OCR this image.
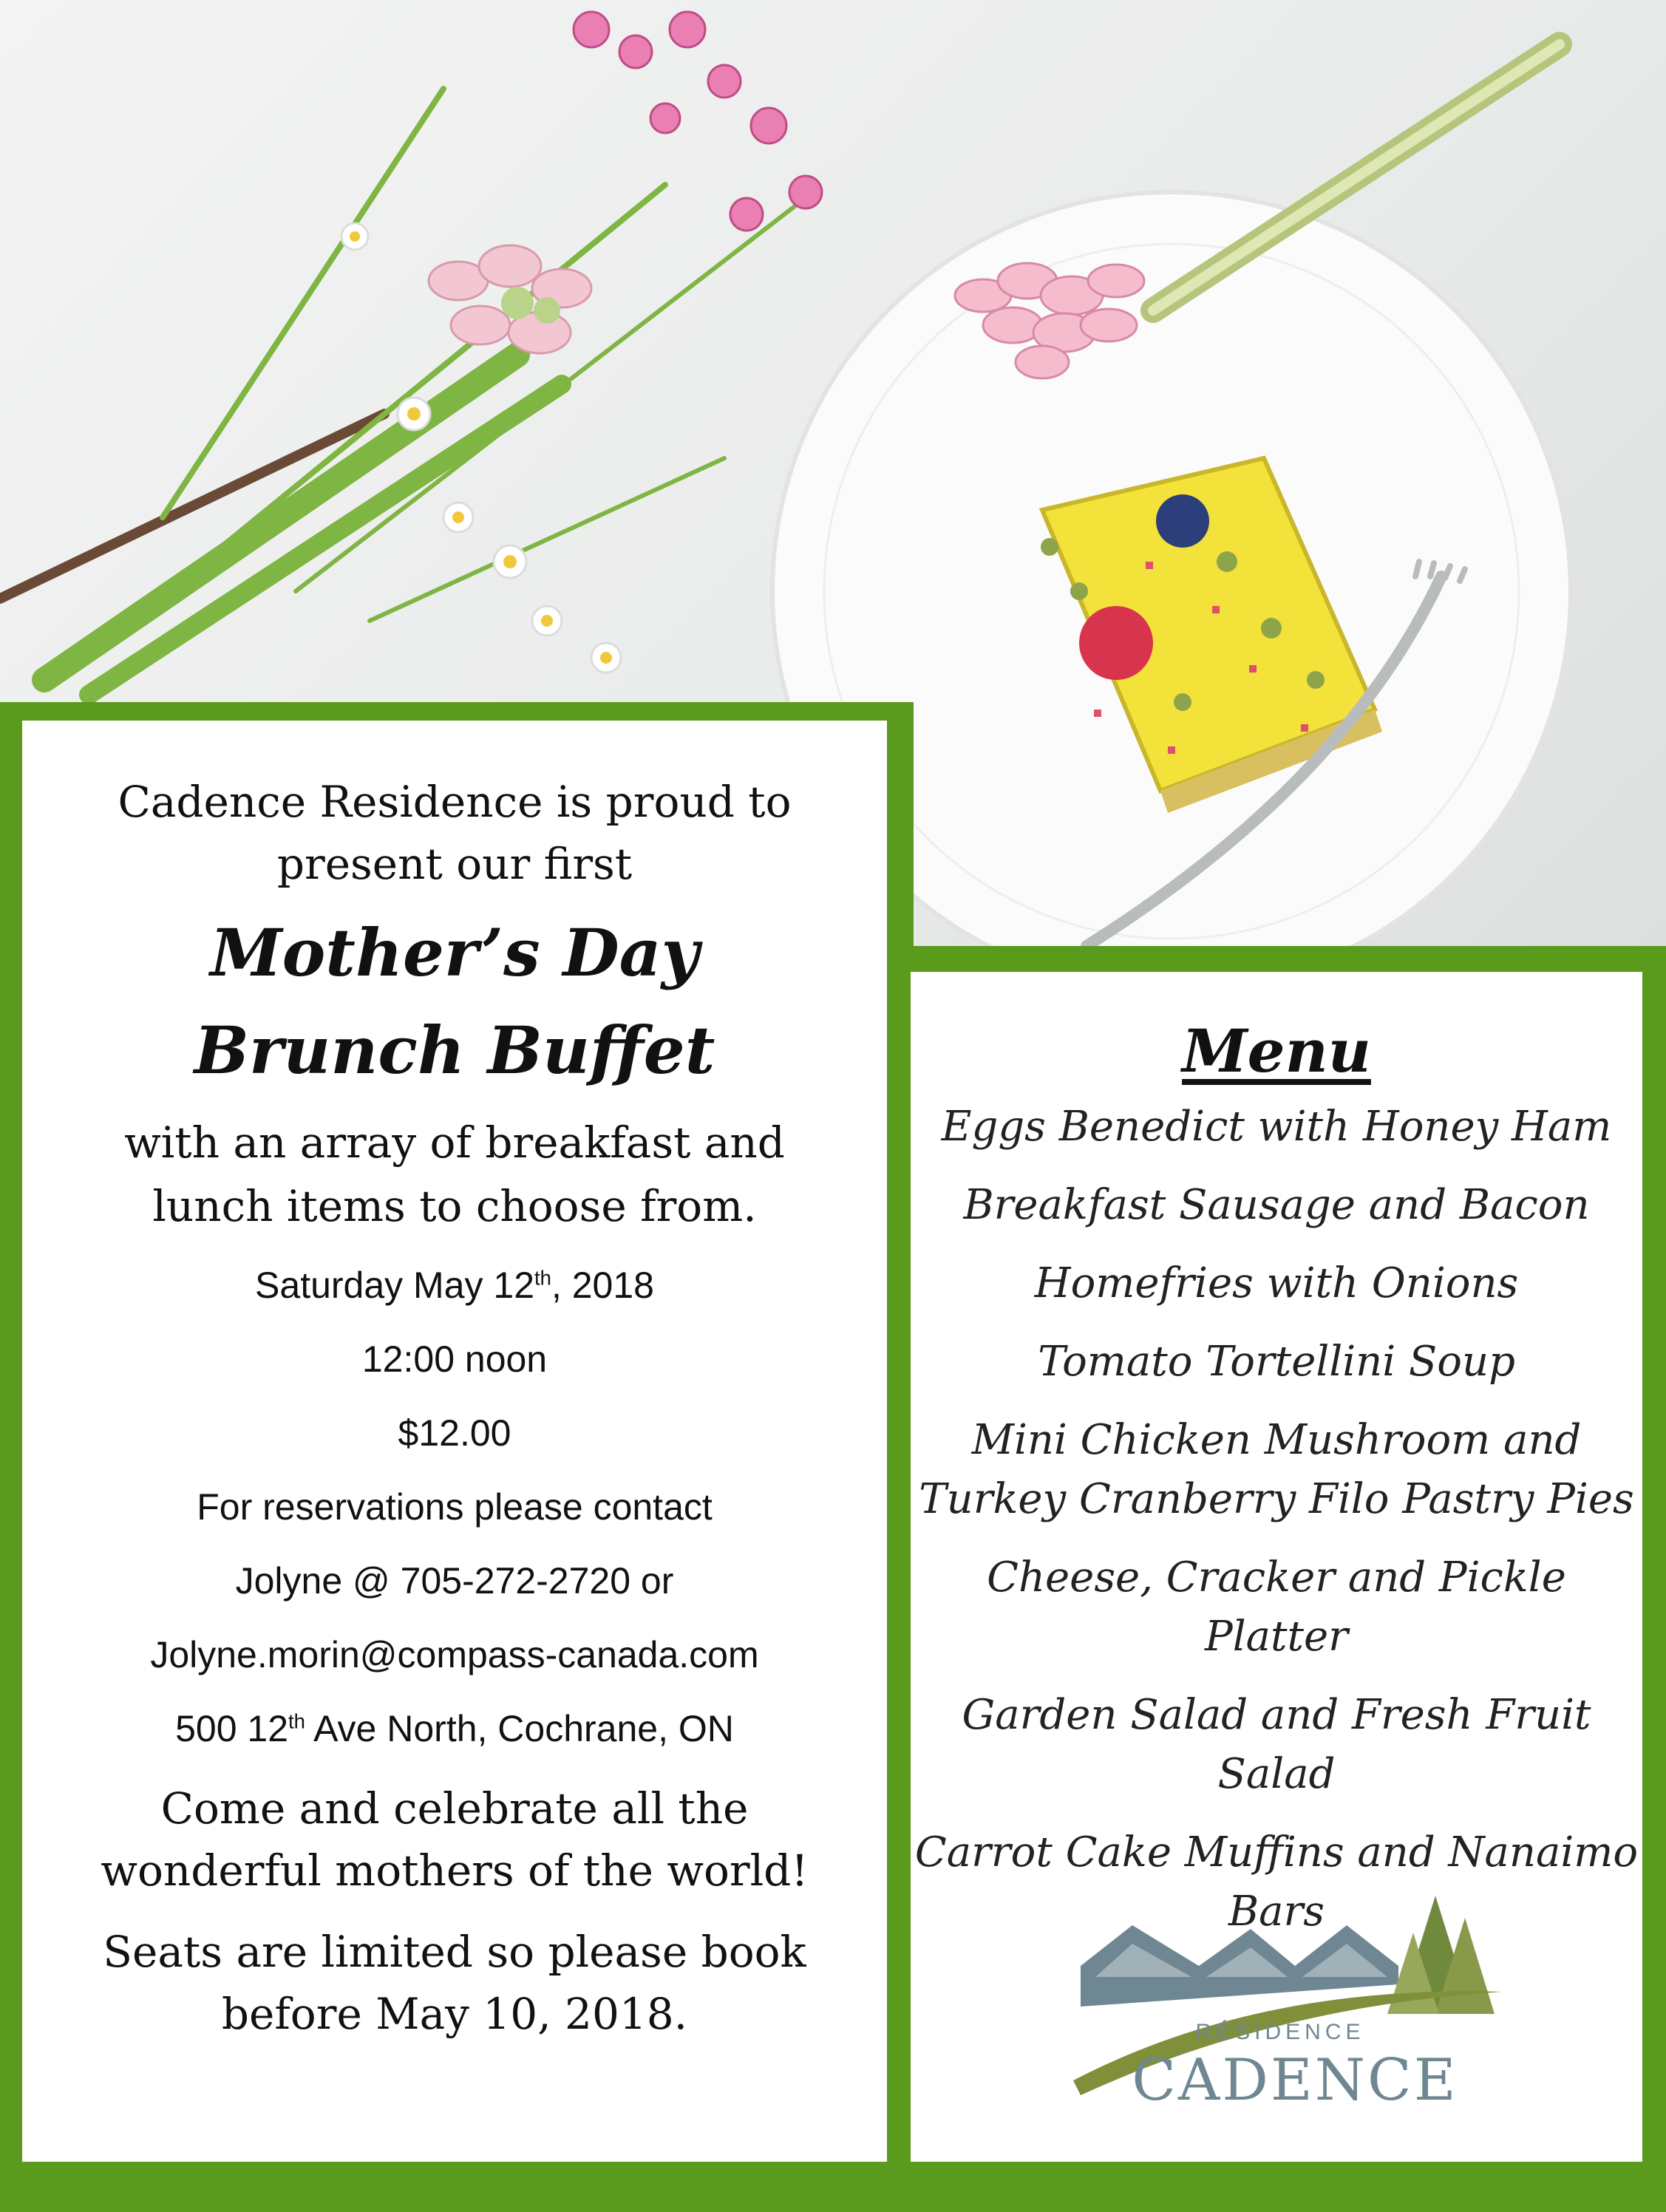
Cadence Residence is proud to
present our first
Mother’s Day
Brunch Buffet
with an array of breakfast and
lunch items to choose from.
Saturday May 12th, 2018
12:00 noon
$12.00
For reservations please contact
Jolyne @ 705-272-2720 or
Jolyne.morin@compass-canada.com
500 12th Ave North, Cochrane, ON
Come and celebrate all the
wonderful mothers of the world!
Seats are limited so please book
before May 10, 2018.
Menu
Eggs Benedict with Honey Ham
Breakfast Sausage and Bacon
Homefries with Onions
Tomato Tortellini Soup
Mini Chicken Mushroom and
Turkey Cranberry Filo Pastry Pies
Cheese, Cracker and Pickle Platter
Garden Salad and Fresh Fruit
Salad
Carrot Cake Muffins and Nanaimo
Bars
RÉSIDENCE
CADENCE
